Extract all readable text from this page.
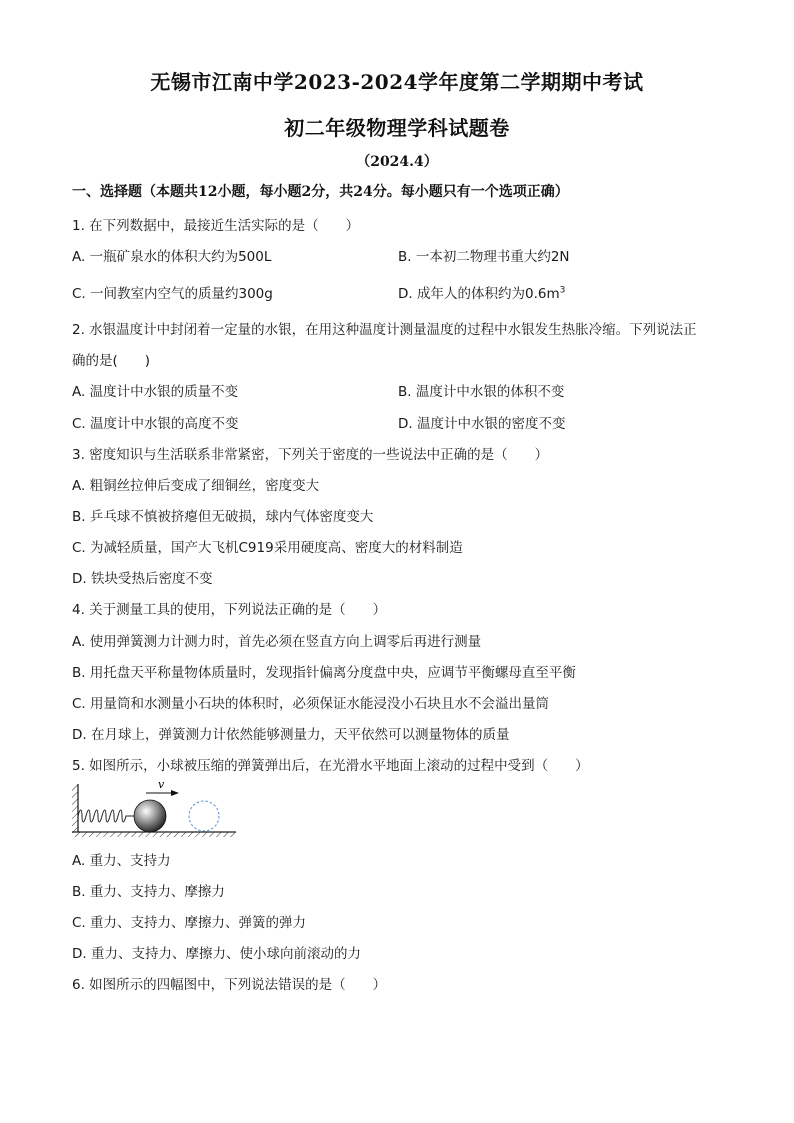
无锡市江南中学2023-2024学年度第二学期期中考试
初二年级物理学科试题卷
（2024.4）
一、选择题（本题共12小题，每小题2分，共24分。每小题只有一个选项正确）
1. 在下列数据中，最接近生活实际的是（　　）
A. 一瓶矿泉水的体积大约为500L	B. 一本初二物理书重大约2N
C. 一间教室内空气的质量约300g	D. 成年人的体积约为$0.6m^3$
2. 水银温度计中封闭着一定量的水银，在用这种温度计测量温度的过程中水银发生热胀冷缩。下列说法正
确的是(　　)
A. 温度计中水银的质量不变	B. 温度计中水银的体积不变
C. 温度计中水银的高度不变	D. 温度计中水银的密度不变
3. 密度知识与生活联系非常紧密，下列关于密度的一些说法中正确的是（　　）
A. 粗铜丝拉伸后变成了细铜丝，密度变大
B. 乒乓球不慎被挤瘪但无破损，球内气体密度变大
C. 为减轻质量，国产大飞机C919采用硬度高、密度大的材料制造
D. 铁块受热后密度不变
4. 关于测量工具的使用，下列说法正确的是（　　）
A. 使用弹簧测力计测力时，首先必须在竖直方向上调零后再进行测量
B. 用托盘天平称量物体质量时，发现指针偏离分度盘中央，应调节平衡螺母直至平衡
C. 用量筒和水测量小石块的体积时，必须保证水能浸没小石块且水不会溢出量筒
D. 在月球上，弹簧测力计依然能够测量力，天平依然可以测量物体的质量
5. 如图所示，小球被压缩的弹簧弹出后，在光滑水平地面上滚动的过程中受到（　　）
v
A. 重力、支持力
B. 重力、支持力、摩擦力
C. 重力、支持力、摩擦力、弹簧的弹力
D. 重力、支持力、摩擦力、使小球向前滚动的力
6. 如图所示的四幅图中，下列说法错误的是（　　）
